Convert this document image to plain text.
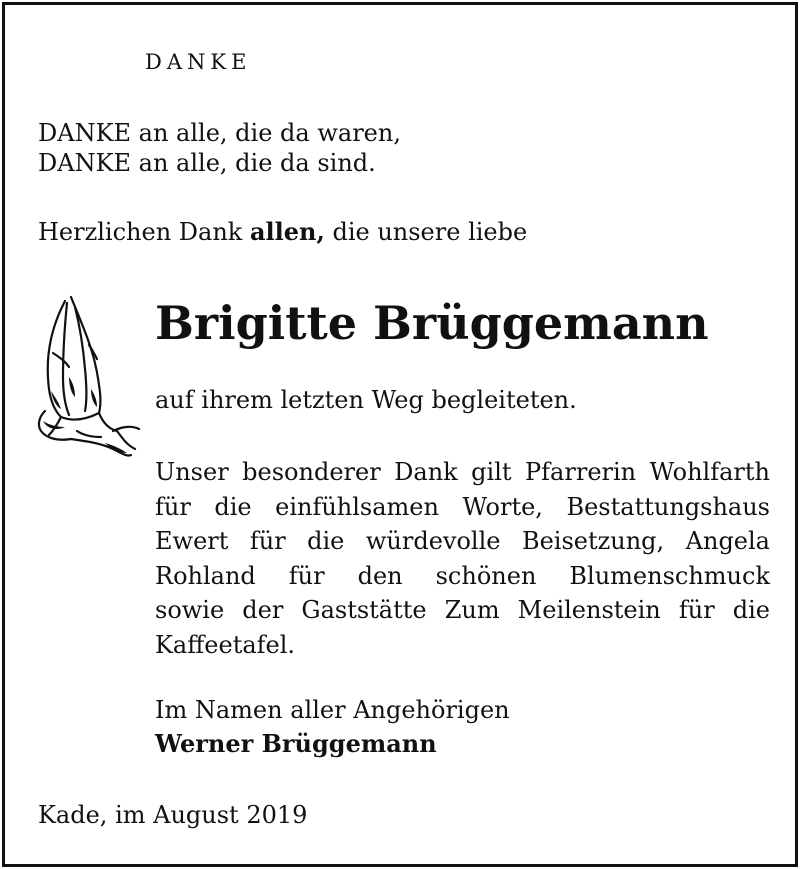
DANKE
DANKE an alle, die da waren,
DANKE an alle, die da sind.
Herzlichen Dank allen, die unsere liebe
Brigitte Brüggemann
auf ihrem letzten Weg begleiteten.
Unser besonderer Dank gilt Pfarrerin Wohlfarth
für die einfühlsamen Worte, Bestattungshaus
Ewert für die würdevolle Beisetzung, Angela
Rohland für den schönen Blumenschmuck
sowie der Gaststätte Zum Meilenstein für die
Kaffeetafel.
Im Namen aller Angehörigen
Werner Brüggemann
Kade, im August 2019
